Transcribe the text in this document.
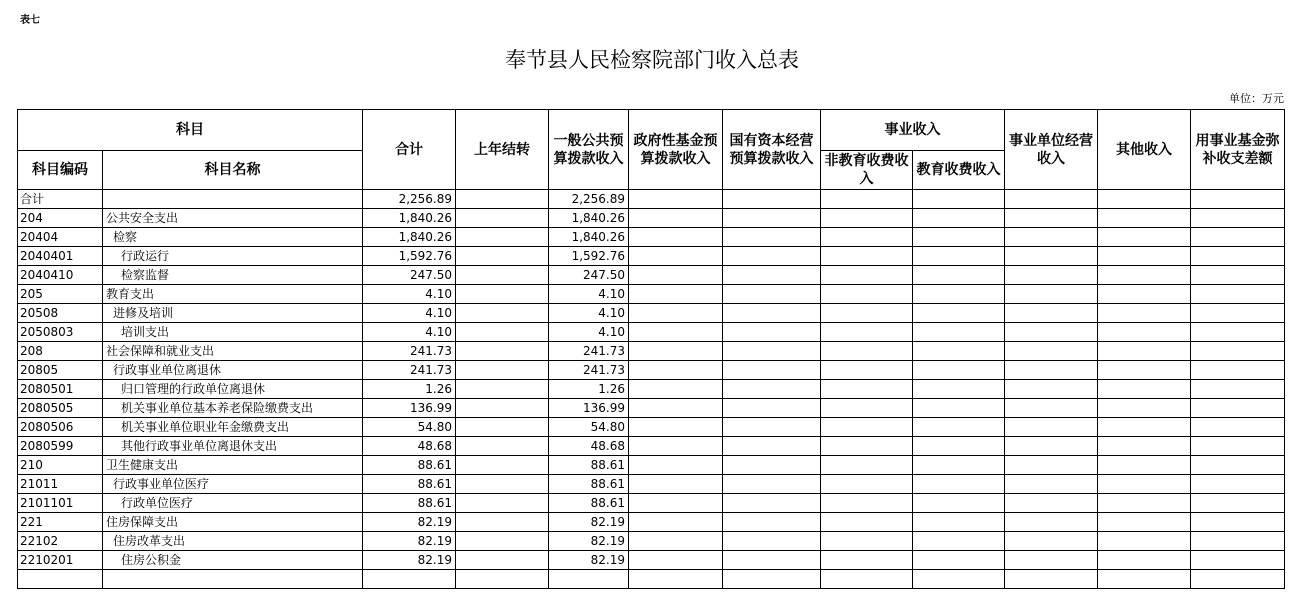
表七
奉节县人民检察院部门收入总表
单位：万元
科目		合计	上年结转	一般公共预算拨款收入	政府性基金预算拨款收入	国有资本经营预算拨款收入	事业收入		事业单位经营收入	其他收入	用事业基金弥补收支差额
科目编码	科目名称						非教育收费收入	教育收费收入			
合计		2,256.89		2,256.89							
204	公共安全支出	1,840.26		1,840.26							
20404	检察	1,840.26		1,840.26							
2040401	行政运行	1,592.76		1,592.76							
2040410	检察监督	247.50		247.50							
205	教育支出	4.10		4.10							
20508	进修及培训	4.10		4.10							
2050803	培训支出	4.10		4.10							
208	社会保障和就业支出	241.73		241.73							
20805	行政事业单位离退休	241.73		241.73							
2080501	归口管理的行政单位离退休	1.26		1.26							
2080505	机关事业单位基本养老保险缴费支出	136.99		136.99							
2080506	机关事业单位职业年金缴费支出	54.80		54.80							
2080599	其他行政事业单位离退休支出	48.68		48.68							
210	卫生健康支出	88.61		88.61							
21011	行政事业单位医疗	88.61		88.61							
2101101	行政单位医疗	88.61		88.61							
221	住房保障支出	82.19		82.19							
22102	住房改革支出	82.19		82.19							
2210201	住房公积金	82.19		82.19							
